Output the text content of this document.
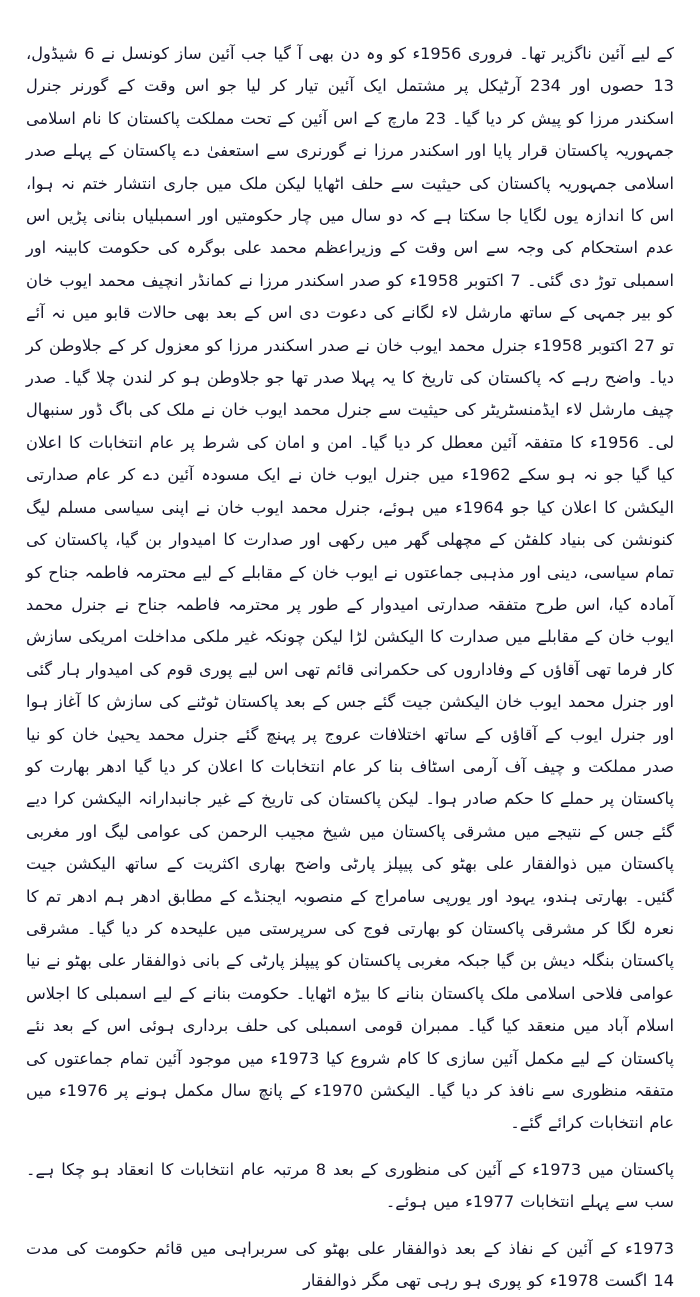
کے لیے آئین ناگزیر تھا۔ فروری 1956ء کو وہ دن بھی آ گیا جب آئین ساز کونسل نے 6 شیڈول، 13 حصوں اور 234 آرٹیکل پر مشتمل ایک آئین تیار کر لیا جو اس وقت کے گورنر جنرل اسکندر مرزا کو پیش کر دیا گیا۔ 23 مارچ کے اس آئین کے تحت مملکت پاکستان کا نام اسلامی جمہوریہ پاکستان قرار پایا اور اسکندر مرزا نے گورنری سے استعفیٰ دے پاکستان کے پہلے صدر اسلامی جمہوریہ پاکستان کی حیثیت سے حلف اٹھایا لیکن ملک میں جاری انتشار ختم نہ ہوا، اس کا اندازہ یوں لگایا جا سکتا ہے کہ دو سال میں چار حکومتیں اور اسمبلیاں بنانی پڑیں اس عدم استحکام کی وجہ سے اس وقت کے وزیراعظم محمد علی بوگرہ کی حکومت کابینہ اور اسمبلی توڑ دی گئی۔ 7 اکتوبر 1958ء کو صدر اسکندر مرزا نے کمانڈر انچیف محمد ایوب خان کو بیر جمہی کے ساتھ مارشل لاء لگانے کی دعوت دی اس کے بعد بھی حالات قابو میں نہ آئے تو 27 اکتوبر 1958ء جنرل محمد ایوب خان نے صدر اسکندر مرزا کو معزول کر کے جلاوطن کر دیا۔ واضح رہے کہ پاکستان کی تاریخ کا یہ پہلا صدر تھا جو جلاوطن ہو کر لندن چلا گیا۔ صدر چیف مارشل لاء ایڈمنسٹریٹر کی حیثیت سے جنرل محمد ایوب خان نے ملک کی باگ ڈور سنبھال لی۔ 1956ء کا متفقہ آئین معطل کر دیا گیا۔ امن و امان کی شرط پر عام انتخابات کا اعلان کیا گیا جو نہ ہو سکے 1962ء میں جنرل ایوب خان نے ایک مسودہ آئین دے کر عام صدارتی الیکشن کا اعلان کیا جو 1964ء میں ہوئے، جنرل محمد ایوب خان نے اپنی سیاسی مسلم لیگ کنونشن کی بنیاد کلفٹن کے مچھلی گھر میں رکھی اور صدارت کا امیدوار بن گیا، پاکستان کی تمام سیاسی، دینی اور مذہبی جماعتوں نے ایوب خان کے مقابلے کے لیے محترمہ فاطمہ جناح کو آمادہ کیا، اس طرح متفقہ صدارتی امیدوار کے طور پر محترمہ فاطمہ جناح نے جنرل محمد ایوب خان کے مقابلے میں صدارت کا الیکشن لڑا لیکن چونکہ غیر ملکی مداخلت امریکی سازش کار فرما تھی آقاؤں کے وفاداروں کی حکمرانی قائم تھی اس لیے پوری قوم کی امیدوار ہار گئی اور جنرل محمد ایوب خان الیکشن جیت گئے جس کے بعد پاکستان ٹوٹنے کی سازش کا آغاز ہوا اور جنرل ایوب کے آقاؤں کے ساتھ اختلافات عروج پر پہنچ گئے جنرل محمد یحییٰ خان کو نیا صدر مملکت و چیف آف آرمی اسٹاف بنا کر عام انتخابات کا اعلان کر دیا گیا ادھر بھارت کو پاکستان پر حملے کا حکم صادر ہوا۔ لیکن پاکستان کی تاریخ کے غیر جانبدارانہ الیکشن کرا دیے گئے جس کے نتیجے میں مشرقی پاکستان میں شیخ مجیب الرحمن کی عوامی لیگ اور مغربی پاکستان میں ذوالفقار علی بھٹو کی پیپلز پارٹی واضح بھاری اکثریت کے ساتھ الیکشن جیت گئیں۔ بھارتی ہندو، یہود اور یورپی سامراج کے منصوبہ ایجنڈے کے مطابق ادھر ہم ادھر تم کا نعرہ لگا کر مشرقی پاکستان کو بھارتی فوج کی سرپرستی میں علیحدہ کر دیا گیا۔ مشرقی پاکستان بنگلہ دیش بن گیا جبکہ مغربی پاکستان کو پیپلز پارٹی کے بانی ذوالفقار علی بھٹو نے نیا عوامی فلاحی اسلامی ملک پاکستان بنانے کا بیڑہ اٹھایا۔ حکومت بنانے کے لیے اسمبلی کا اجلاس اسلام آباد میں منعقد کیا گیا۔ ممبران قومی اسمبلی کی حلف برداری ہوئی اس کے بعد نئے پاکستان کے لیے مکمل آئین سازی کا کام شروع کیا 1973ء میں موجود آئین تمام جماعتوں کی متفقہ منظوری سے نافذ کر دیا گیا۔ الیکشن 1970ء کے پانچ سال مکمل ہونے پر 1976ء میں عام انتخابات کرائے گئے۔

پاکستان میں 1973ء کے آئین کی منظوری کے بعد 8 مرتبہ عام انتخابات کا انعقاد ہو چکا ہے۔ سب سے پہلے انتخابات 1977ء میں ہوئے۔

1973ء کے آئین کے نفاذ کے بعد ذوالفقار علی بھٹو کی سربراہی میں قائم حکومت کی مدت 14 اگست 1978ء کو پوری ہو رہی تھی مگر ذوالفقار
